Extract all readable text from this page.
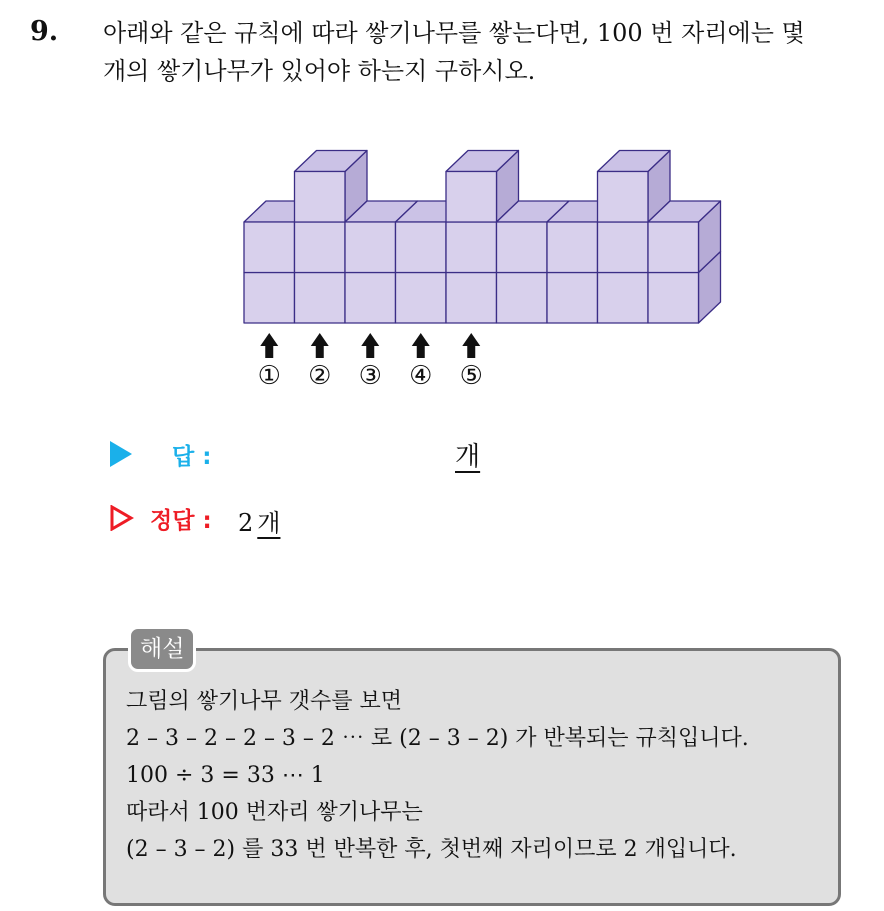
9. 아래와 같은 규칙에 따라 쌓기나무를 쌓는다면, 100 번 자리에는 몇
개의 쌓기나무가 있어야 하는지 구하시오.
① ② ③ ④ ⑤
답 :	개
정답 : 2 개
해설
그림의 쌓기나무 갯수를 보면
2 – 3 – 2 – 2 – 3 – 2 ⋯ 로 (2 – 3 – 2) 가 반복되는 규칙입니다.
100 ÷ 3 = 33 ⋯ 1
따라서 100 번자리 쌓기나무는
(2 – 3 – 2) 를 33 번 반복한 후, 첫번째 자리이므로 2 개입니다.
